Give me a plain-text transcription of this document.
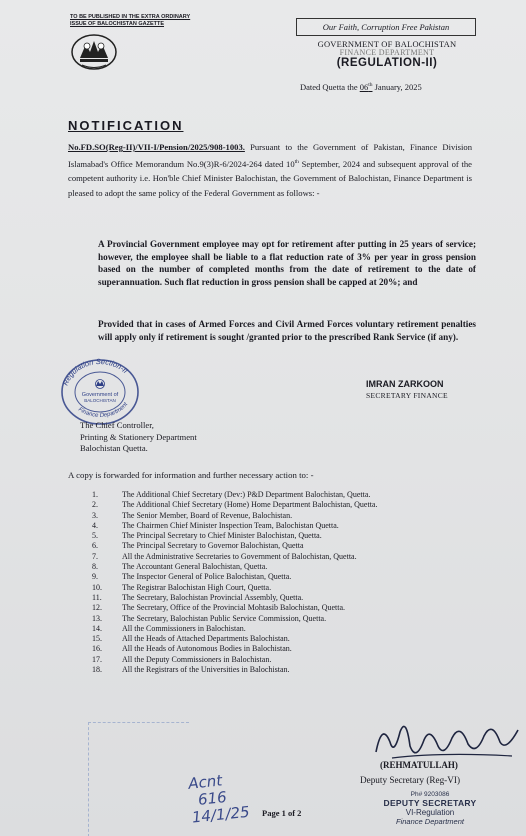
TO BE PUBLISHED IN THE EXTRA ORDINARY
ISSUE OF BALOCHISTAN GAZETTE	Our Faith, Corruption Free Pakistan
GOVERNMENT OF BALOCHISTAN
FINANCE DEPARTMENT
(REGULATION-II)
Dated Quetta the 06th January, 2025
NOTIFICATION
No.FD.SO(Reg-II)/VII-I/Pension/2025/908-1003. Pursuant to the Government of Pakistan, Finance Division Islamabad's Office Memorandum No.9(3)R-6/2024-264 dated 10th September, 2024 and subsequent approval of the competent authority i.e. Hon'ble Chief Minister Balochistan, the Government of Balochistan, Finance Department is pleased to adopt the same policy of the Federal Government as follows: -
A Provincial Government employee may opt for retirement after putting in 25 years of service; however, the employee shall be liable to a flat reduction rate of 3% per year in gross pension based on the number of completed months from the date of retirement to the date of superannuation. Such flat reduction in gross pension shall be capped at 20%; and
Provided that in cases of Armed Forces and Civil Armed Forces voluntary retirement penalties will apply only if retirement is sought /granted prior to the prescribed Rank Service (if any).
IMRAN ZARKOON
SECRETARY FINANCE
Regulation Section-II
Finance Department
Government of
BALOCHISTAN
The Chief Controller,
Printing & Stationery Department
Balochistan Quetta.
A copy is forwarded for information and further necessary action to: -
1.	The Additional Chief Secretary (Dev:) P&D Department Balochistan, Quetta.
2.	The Additional Chief Secretary (Home) Home Department Balochistan, Quetta.
3.	The Senior Member, Board of Revenue, Balochistan.
4.	The Chairmen Chief Minister Inspection Team, Balochistan Quetta.
5.	The Principal Secretary to Chief Minister Balochistan, Quetta.
6.	The Principal Secretary to Governor Balochistan, Quetta
7.	All the Administrative Secretaries to Government of Balochistan, Quetta.
8.	The Accountant General Balochistan, Quetta.
9.	The Inspector General of Police Balochistan, Quetta.
10.	The Registrar Balochistan High Court, Quetta.
11.	The Secretary, Balochistan Provincial Assembly, Quetta.
12.	The Secretary, Office of the Provincial Mohtasib Balochistan, Quetta.
13.	The Secretary, Balochistan Public Service Commission, Quetta.
14.	All the Commissioners in Balochistan.
15.	All the Heads of Attached Departments Balochistan.
16.	All the Heads of Autonomous Bodies in Balochistan.
17.	All the Deputy Commissioners in Balochistan.
18.	All the Registrars of the Universities in Balochistan.
Acnt
616
14/1/25
(REHMATULLAH)
Deputy Secretary (Reg-VI)
Ph# 9203086
DEPUTY SECRETARY
VI-Regulation
Finance Department
Page 1 of 2
